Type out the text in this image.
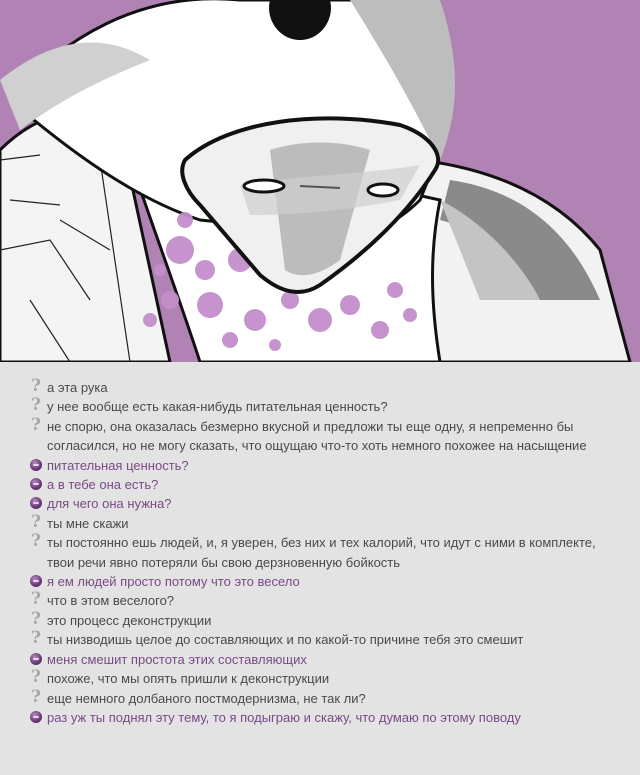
? а эта рука
? у нее вообще есть какая-нибудь питательная ценность?
? не спорю, она оказалась безмерно вкусной и предложи ты еще одну, я непременно бы согласился, но не могу сказать, что ощущаю что-то хоть немного похожее на насыщение
питательная ценность?
а в тебе она есть?
для чего она нужна?
? ты мне скажи
? ты постоянно ешь людей, и, я уверен, без них и тех калорий, что идут с ними в комплекте, твои речи явно потеряли бы свою дерзновенную бойкость
я ем людей просто потому что это весело
? что в этом веселого?
? это процесс деконструкции
? ты низводишь целое до составляющих и по какой-то причине тебя это смешит
меня смешит простота этих составляющих
? похоже, что мы опять пришли к деконструкции
? еще немного долбаного постмодернизма, не так ли?
раз уж ты поднял эту тему, то я подыграю и скажу, что думаю по этому поводу
